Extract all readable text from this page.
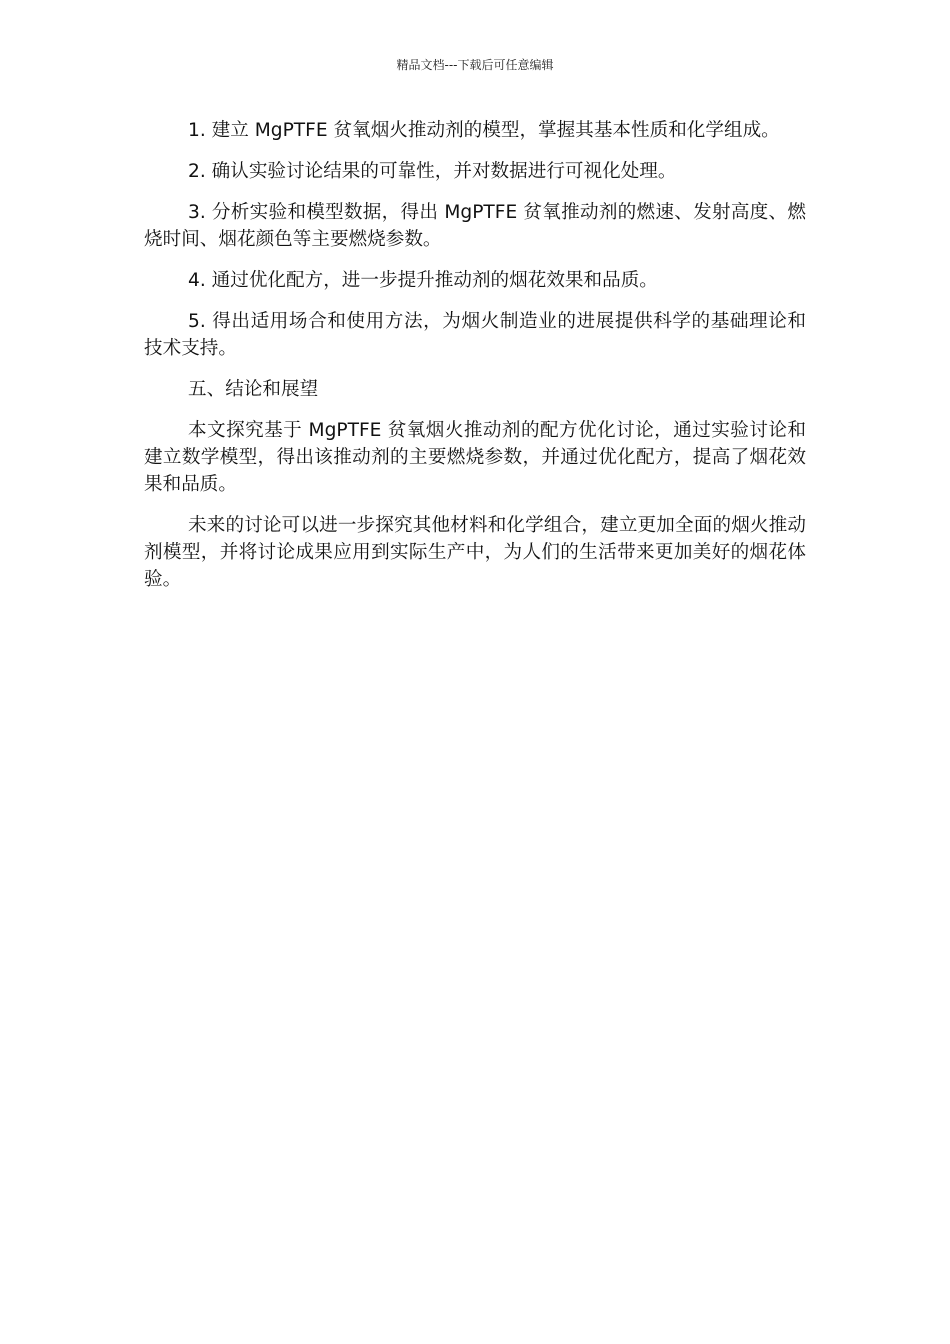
精品文档---下载后可任意编辑

1. 建立 MgPTFE 贫氧烟火推动剂的模型，掌握其基本性质和化学组成。

2. 确认实验讨论结果的可靠性，并对数据进行可视化处理。

3. 分析实验和模型数据，得出 MgPTFE 贫氧推动剂的燃速、发射高度、燃烧时间、烟花颜色等主要燃烧参数。

4. 通过优化配方，进一步提升推动剂的烟花效果和品质。

5. 得出适用场合和使用方法，为烟火制造业的进展提供科学的基础理论和技术支持。

五、结论和展望

本文探究基于 MgPTFE 贫氧烟火推动剂的配方优化讨论，通过实验讨论和建立数学模型，得出该推动剂的主要燃烧参数，并通过优化配方，提高了烟花效果和品质。

未来的讨论可以进一步探究其他材料和化学组合，建立更加全面的烟火推动剂模型，并将讨论成果应用到实际生产中，为人们的生活带来更加美好的烟花体验。
